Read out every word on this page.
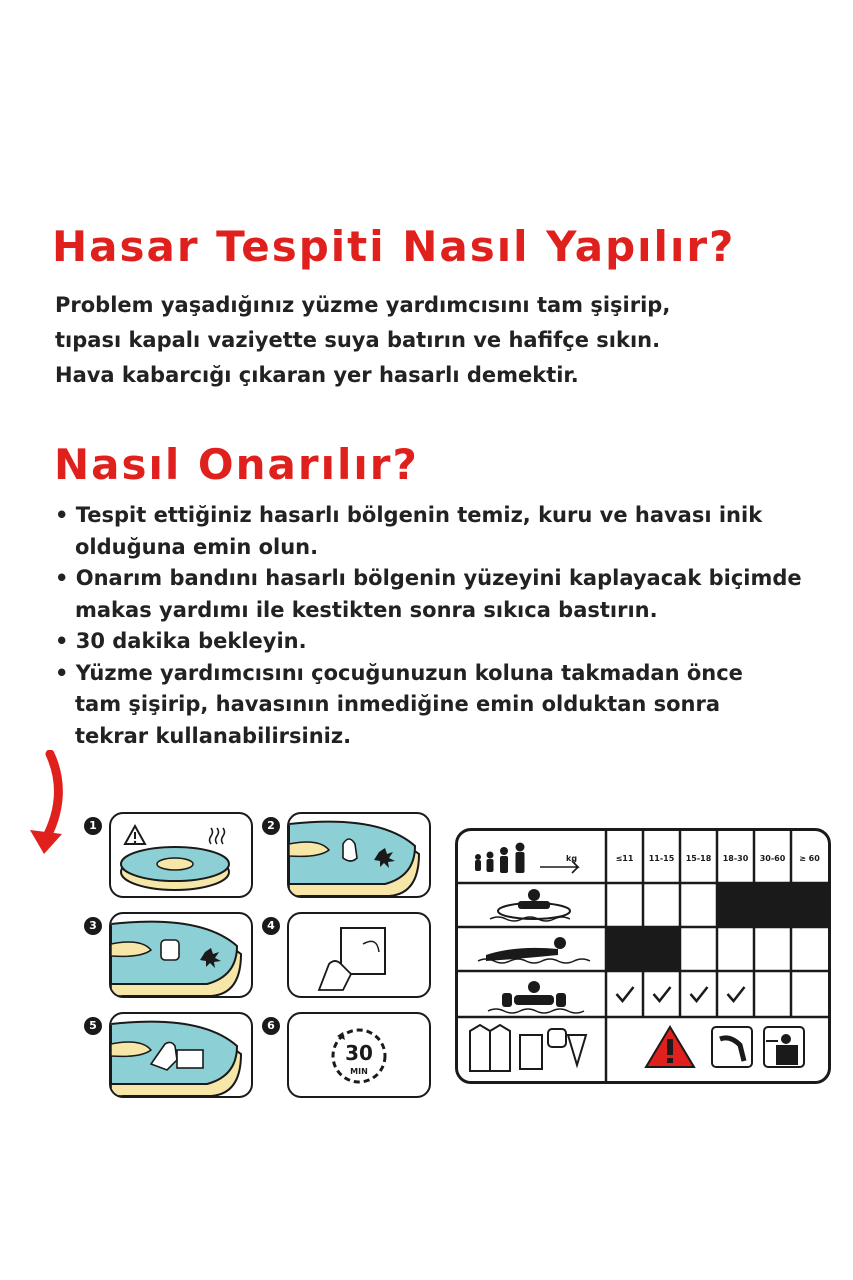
Hasar Tespiti Nasıl Yapılır?
Problem yaşadığınız yüzme yardımcısını tam şişirip,
tıpası kapalı vaziyette suya batırın ve hafifçe sıkın.
Hava kabarcığı çıkaran yer hasarlı demektir.
Nasıl Onarılır?
• Tespit ettiğiniz hasarlı bölgenin temiz, kuru ve havası inik
olduğuna emin olun.
• Onarım bandını hasarlı bölgenin yüzeyini kaplayacak biçimde
makas yardımı ile kestikten sonra sıkıca bastırın.
• 30 dakika bekleyin.
• Yüzme yardımcısını çocuğunuzun koluna takmadan önce
tam şişirip, havasının inmediğine emin olduktan sonra
tekrar kullanabilirsiniz.
1	2
3	4
5	6
30
MIN
kg	≤11 11-15 15-18 18-30 30-60 ≥ 60
